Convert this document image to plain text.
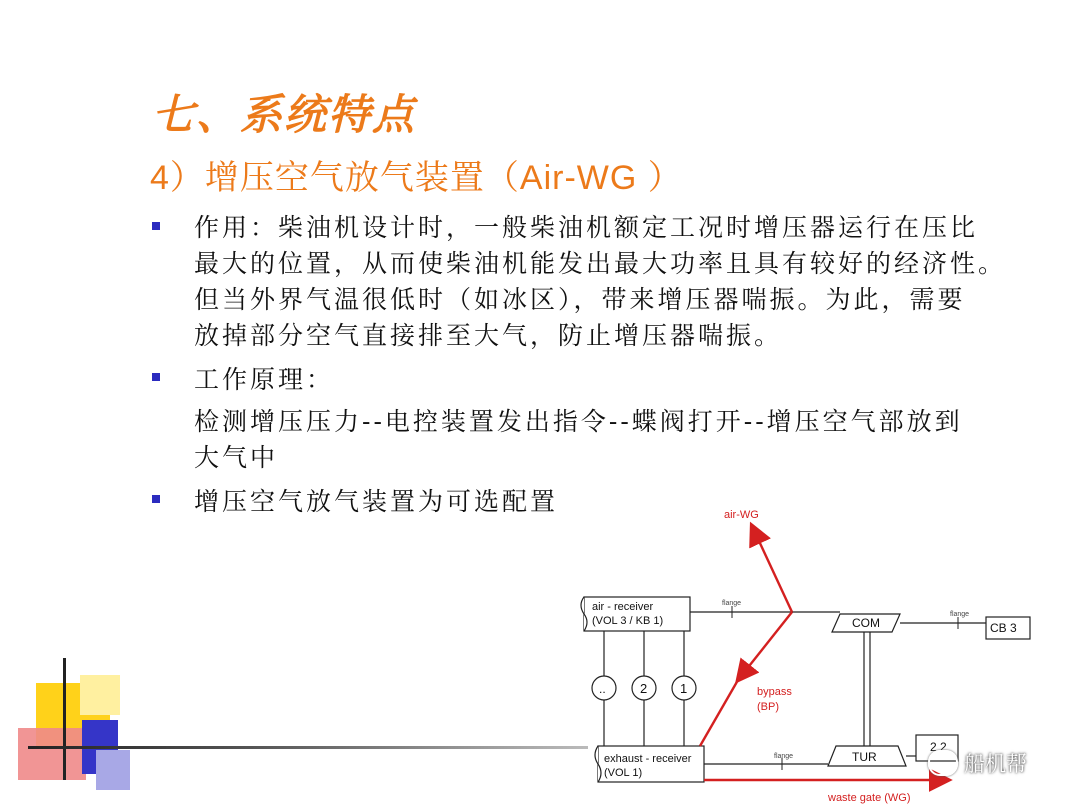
七、系统特点
4）增压空气放气装置（Air-WG ）
作用：柴油机设计时，一般柴油机额定工况时增压器运行在压比
最大的位置，从而使柴油机能发出最大功率且具有较好的经济性。
但当外界气温很低时（如冰区），带来增压器喘振。为此，需要
放掉部分空气直接排至大气，防止增压器喘振。
工作原理：
检测增压压力--电控装置发出指令--蝶阀打开--增压空气部放到
大气中
增压空气放气装置为可选配置
air - receiver
(VOL 3 / KB 1)
flange
COM
flange
CB 3
..	2	1
exhaust - receiver
(VOL 1)
flange	TUR
2 2
air-WG
bypass
(BP)
waste gate (WG)
船机帮
